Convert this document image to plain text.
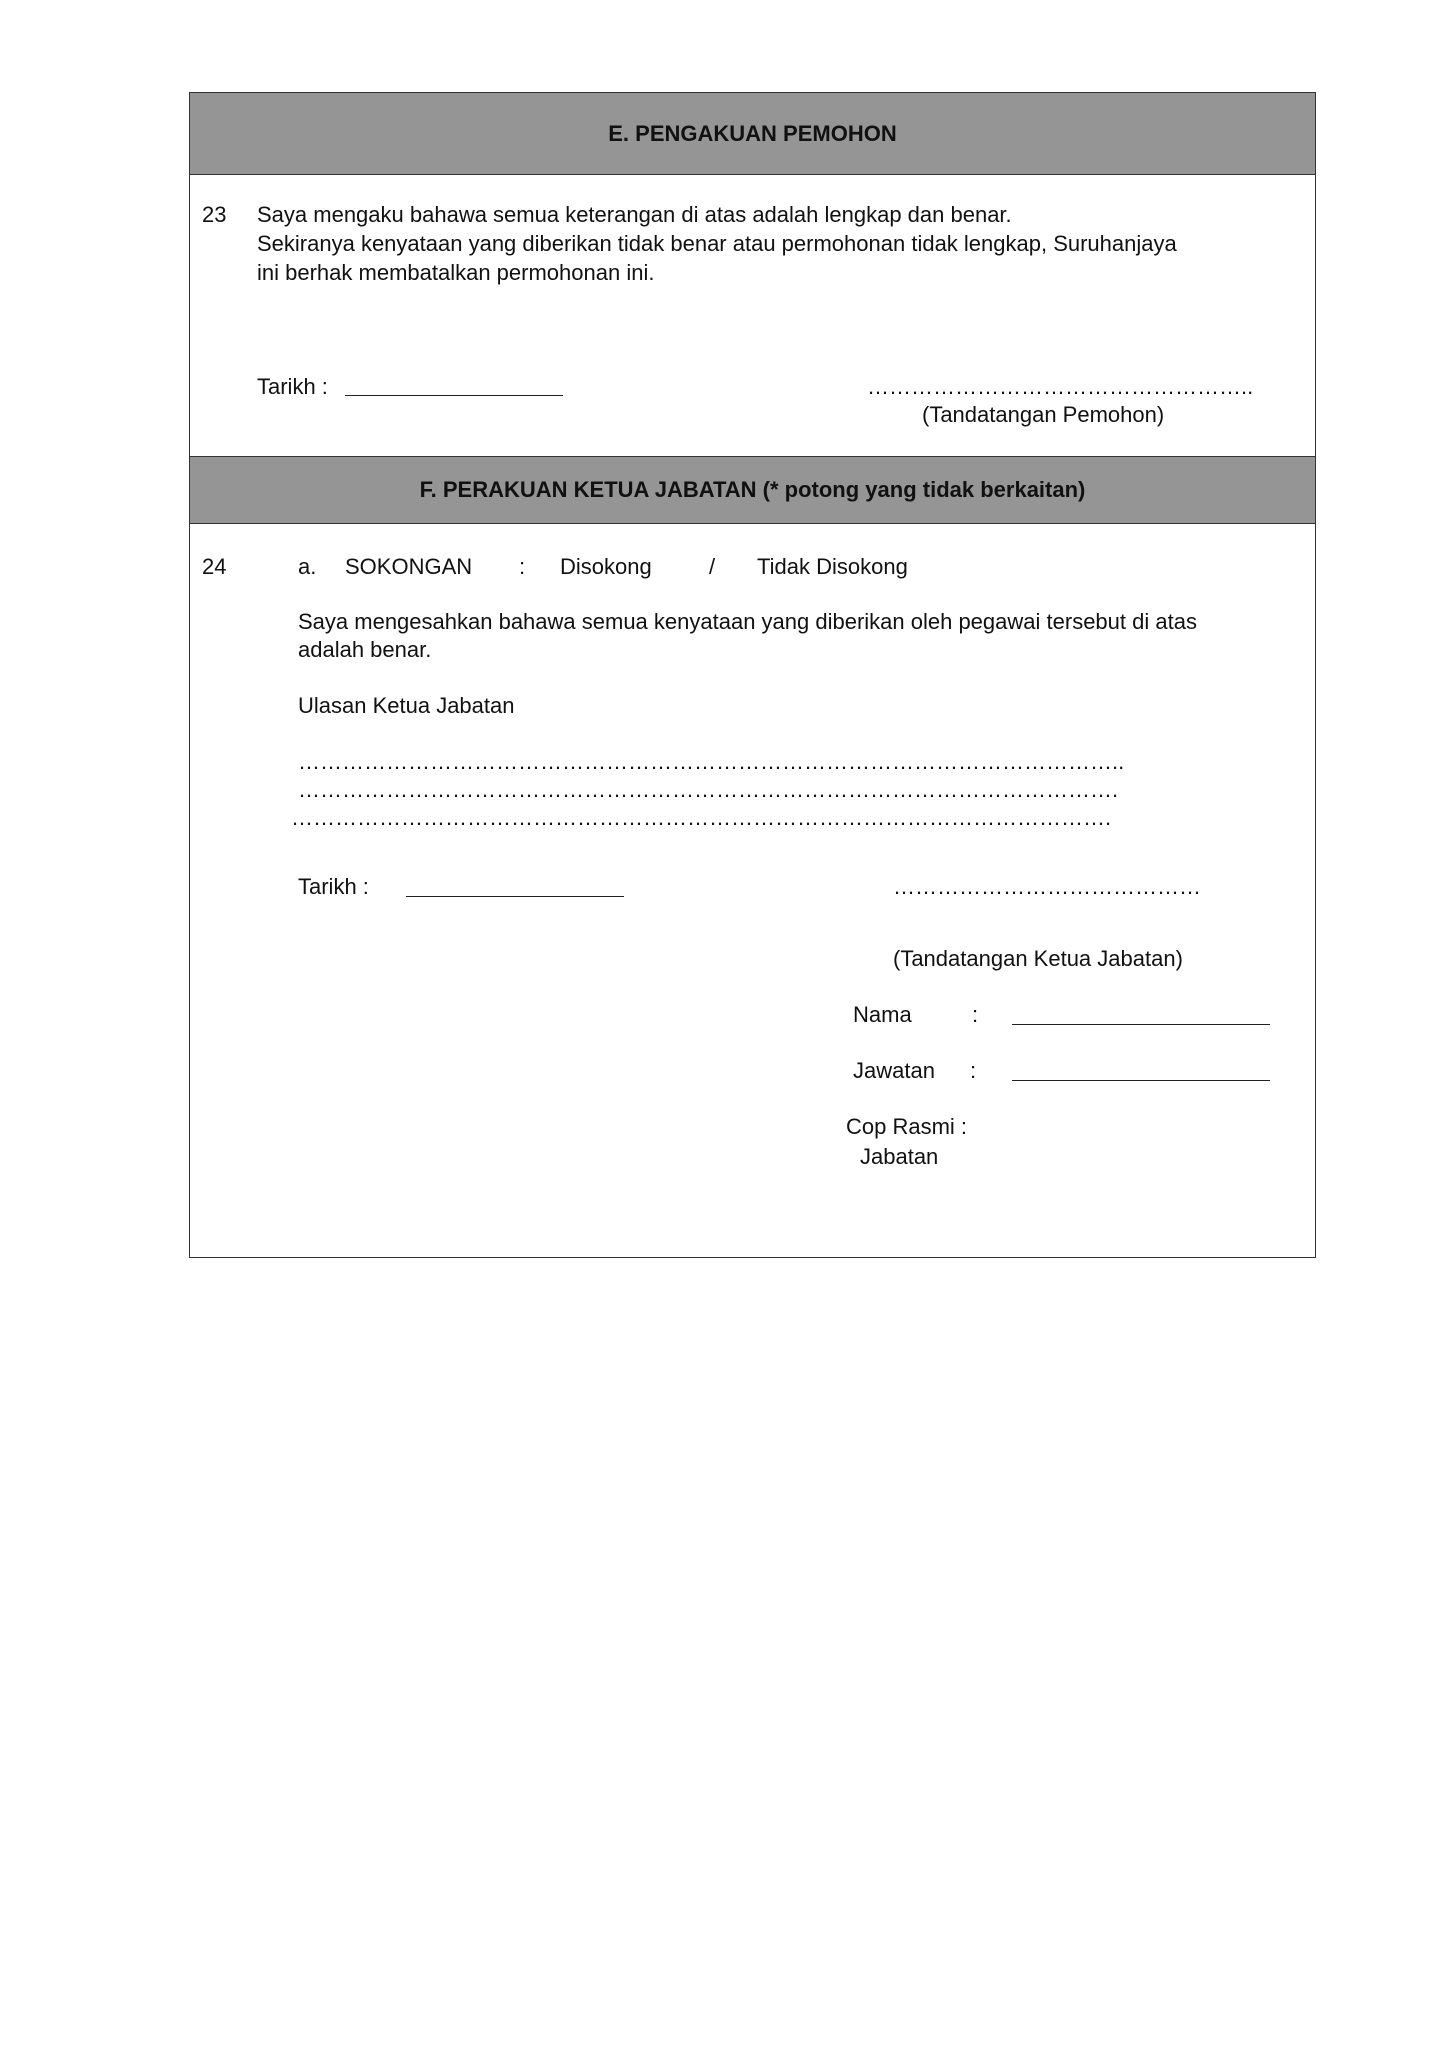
E. PENGAKUAN PEMOHON
23 Saya mengaku bahawa semua keterangan di atas adalah lengkap dan benar.
Sekiranya kenyataan yang diberikan tidak benar atau permohonan tidak lengkap, Suruhanjaya
ini berhak membatalkan permohonan ini.
Tarikh :	……………………………………………..
(Tandatangan Pemohon)
F. PERAKUAN KETUA JABATAN (* potong yang tidak berkaitan)
24	a. SOKONGAN : Disokong	/ Tidak Disokong
Saya mengesahkan bahawa semua kenyataan yang diberikan oleh pegawai tersebut di atas
adalah benar.
Ulasan Ketua Jabatan
…………………………………………………………………………………………………..
………………………………………………………………………………………………….
………………………………………………………………………………………………….
Tarikh :	……………………………………
(Tandatangan Ketua Jabatan)
Nama	:
Jawatan :
Cop Rasmi :
Jabatan
